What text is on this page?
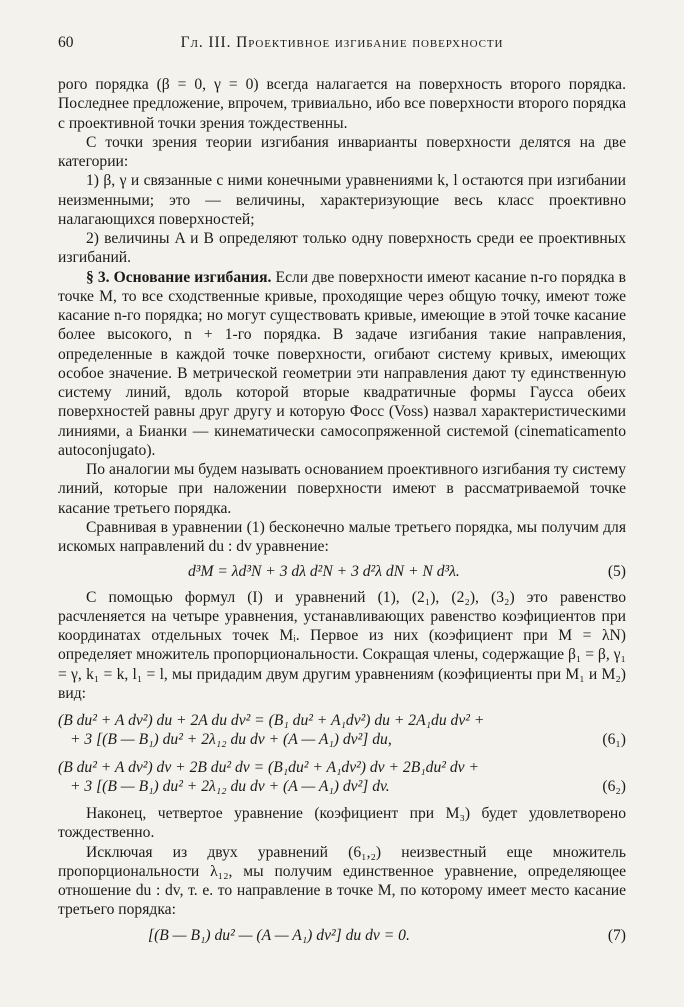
60	Гл. III. Проективное изгибание поверхности

рого порядка (β = 0, γ = 0) всегда налагается на поверхность второго порядка. Последнее предложение, впрочем, тривиально, ибо все поверхности второго порядка с проективной точки зрения тождественны.

С точки зрения теории изгибания инварианты поверхности делятся на две категории:

1) β, γ и связанные с ними конечными уравнениями k, l остаются при изгибании неизменными; это — величины, характеризующие весь класс проективно налагающихся поверхностей;

2) величины A и B определяют только одну поверхность среди ее проективных изгибаний.

§ 3. Основание изгибания. Если две поверхности имеют касание n-го порядка в точке M, то все сходственные кривые, проходящие через общую точку, имеют тоже касание n-го порядка; но могут существовать кривые, имеющие в этой точке касание более высокого, n + 1-го порядка. В задаче изгибания такие направления, определенные в каждой точке поверхности, огибают систему кривых, имеющих особое значение. В метрической геометрии эти направления дают ту единственную систему линий, вдоль которой вторые квадратичные формы Гаусса обеих поверхностей равны друг другу и которую Фосс (Voss) назвал характеристическими линиями, а Бианки — кинематически самосопряженной системой (cinematicamento autoconjugato).

По аналогии мы будем называть основанием проективного изгибания ту систему линий, которые при наложении поверхности имеют в рассматриваемой точке касание третьего порядка.

Сравнивая в уравнении (1) бесконечно малые третьего порядка, мы получим для искомых направлений du : dv уравнение:

d³M = λd³N + 3 dλ d²N + 3 d²λ dN + N d³λ.	(5)

С помощью формул (I) и уравнений (1), (2₁), (2₂), (3₂) это равенство расчленяется на четыре уравнения, устанавливающих равенство коэфициентов при координатах отдельных точек Mᵢ. Первое из них (коэфициент при M = λN) определяет множитель пропорциональности. Сокращая члены, содержащие β₁ = β, γ₁ = γ, k₁ = k, l₁ = l, мы придадим двум другим уравнениям (коэфициенты при M₁ и M₂) вид:

(B du² + A dv²) du + 2A du dv² = (B₁ du² + A₁dv²) du + 2A₁du dv² +

+ 3 [(B — B₁) du² + 2λ₁₂ du dv + (A — A₁) dv²] du,	(6₁)

(B du² + A dv²) dv + 2B du² dv = (B₁du² + A₁dv²) dv + 2B₁du² dv +

+ 3 [(B — B₁) du² + 2λ₁₂ du dv + (A — A₁) dv²] dv.	(6₂)

Наконец, четвертое уравнение (коэфициент при M₃) будет удовлетворено тождественно.

Исключая из двух уравнений (6₁,₂) неизвестный еще множитель пропорциональности λ₁₂, мы получим единственное уравнение, определяющее отношение du : dv, т. е. то направление в точке M, по которому имеет место касание третьего порядка:

[(B — B₁) du² — (A — A₁) dv²] du dv = 0.	(7)
